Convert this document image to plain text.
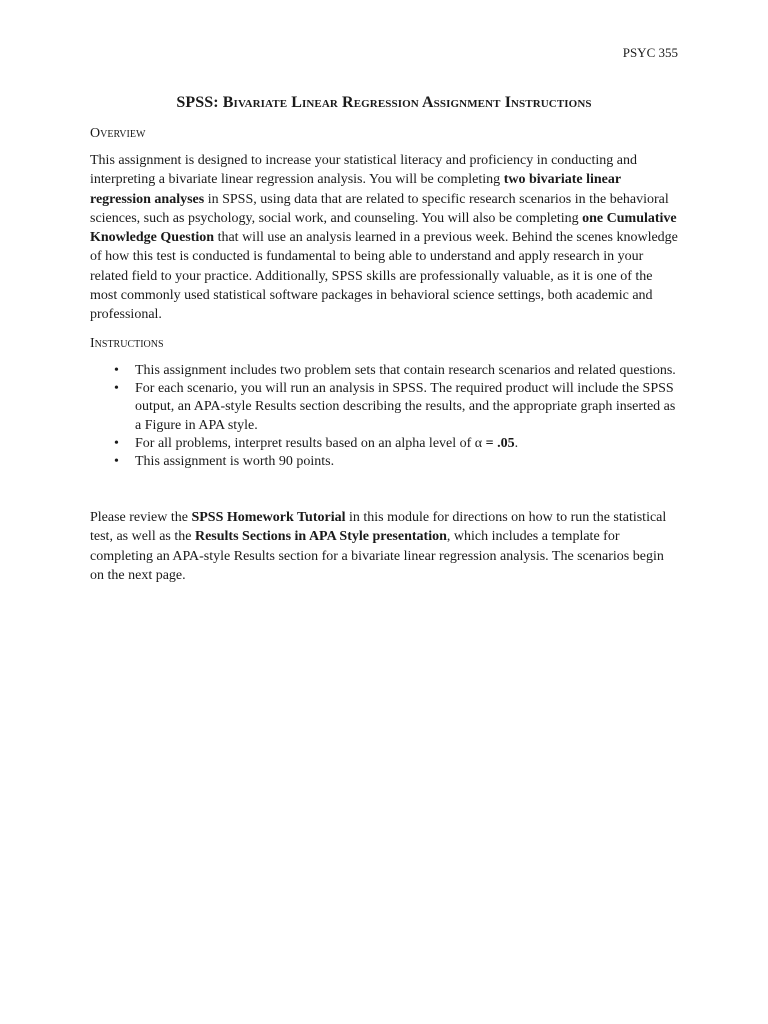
PSYC 355
SPSS: Bivariate Linear Regression Assignment Instructions
Overview
This assignment is designed to increase your statistical literacy and proficiency in conducting and interpreting a bivariate linear regression analysis. You will be completing two bivariate linear regression analyses in SPSS, using data that are related to specific research scenarios in the behavioral sciences, such as psychology, social work, and counseling. You will also be completing one Cumulative Knowledge Question that will use an analysis learned in a previous week. Behind the scenes knowledge of how this test is conducted is fundamental to being able to understand and apply research in your related field to your practice. Additionally, SPSS skills are professionally valuable, as it is one of the most commonly used statistical software packages in behavioral science settings, both academic and professional.
Instructions
• This assignment includes two problem sets that contain research scenarios and related questions.
• For each scenario, you will run an analysis in SPSS. The required product will include the SPSS output, an APA-style Results section describing the results, and the appropriate graph inserted as a Figure in APA style.
• For all problems, interpret results based on an alpha level of α = .05.
• This assignment is worth 90 points.
Please review the SPSS Homework Tutorial in this module for directions on how to run the statistical test, as well as the Results Sections in APA Style presentation, which includes a template for completing an APA-style Results section for a bivariate linear regression analysis. The scenarios begin on the next page.
